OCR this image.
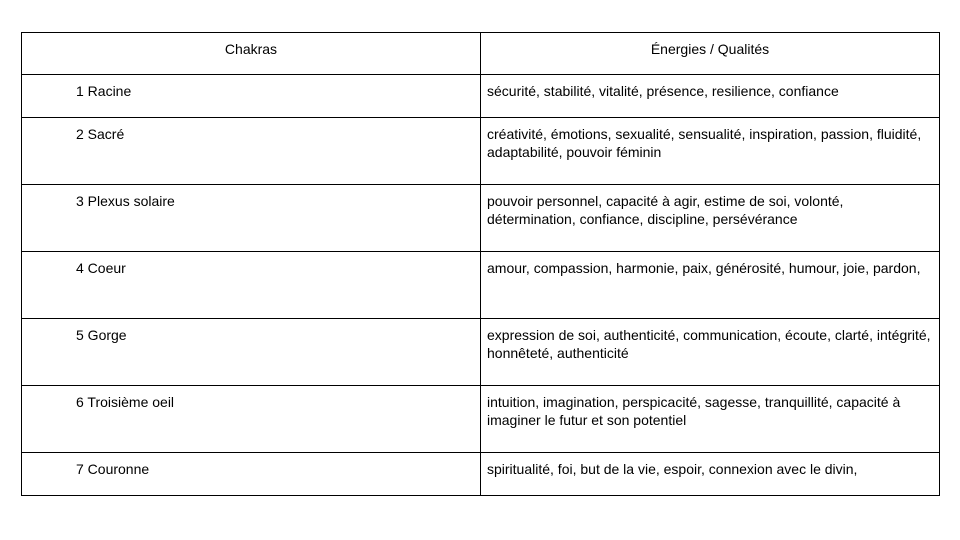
Chakras	Énergies / Qualités
1 Racine	sécurité, stabilité, vitalité, présence, resilience, confiance
2 Sacré	créativité, émotions, sexualité, sensualité, inspiration, passion, fluidité, adaptabilité, pouvoir féminin
3 Plexus solaire	pouvoir personnel, capacité à agir, estime de soi, volonté, détermination, confiance, discipline, persévérance
4 Coeur	amour, compassion, harmonie, paix, générosité, humour, joie, pardon,
5 Gorge	expression de soi, authenticité, communication, écoute, clarté, intégrité, honnêteté, authenticité
6 Troisième oeil	intuition, imagination, perspicacité, sagesse, tranquillité, capacité à imaginer le futur et son potentiel
7 Couronne	spiritualité, foi, but de la vie, espoir, connexion avec le divin,
